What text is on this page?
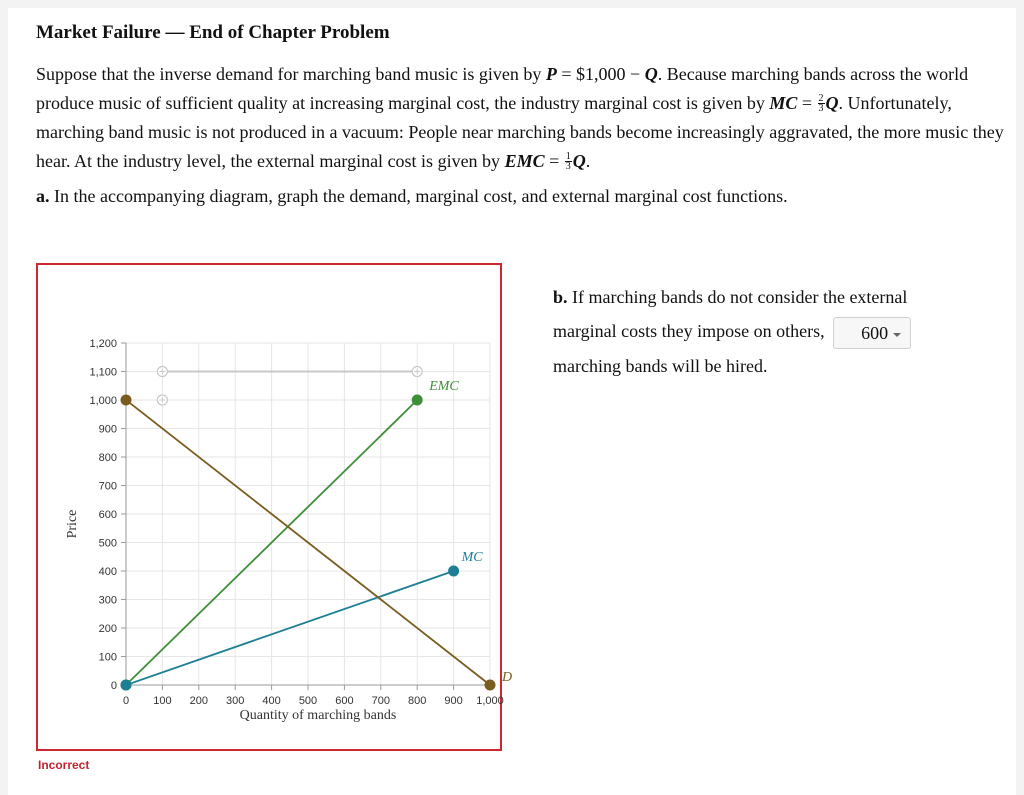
Market Failure — End of Chapter Problem
Suppose that the inverse demand for marching band music is given by P = $1,000 − Q. Because marching bands across the world produce music of sufficient quality at increasing marginal cost, the industry marginal cost is given by MC = $\frac{2}{3} Q$. Unfortunately, marching band music is not produced in a vacuum: People near marching bands become increasingly aggravated, the more music they hear. At the industry level, the external marginal cost is given by EMC = $\frac{1}{3} Q$.
a. In the accompanying diagram, graph the demand, marginal cost, and external marginal cost functions.
0 100 200 300 400 500 600 700 800 900 1,000
0
100
200
300
400
500
600
700
800
900
1,000
1,100
1,200
Quantity of marching bands
Price
EMC
MC
D
Incorrect
b. If marching bands do not consider the external marginal costs they impose on others, 600

marching bands will be hired.
